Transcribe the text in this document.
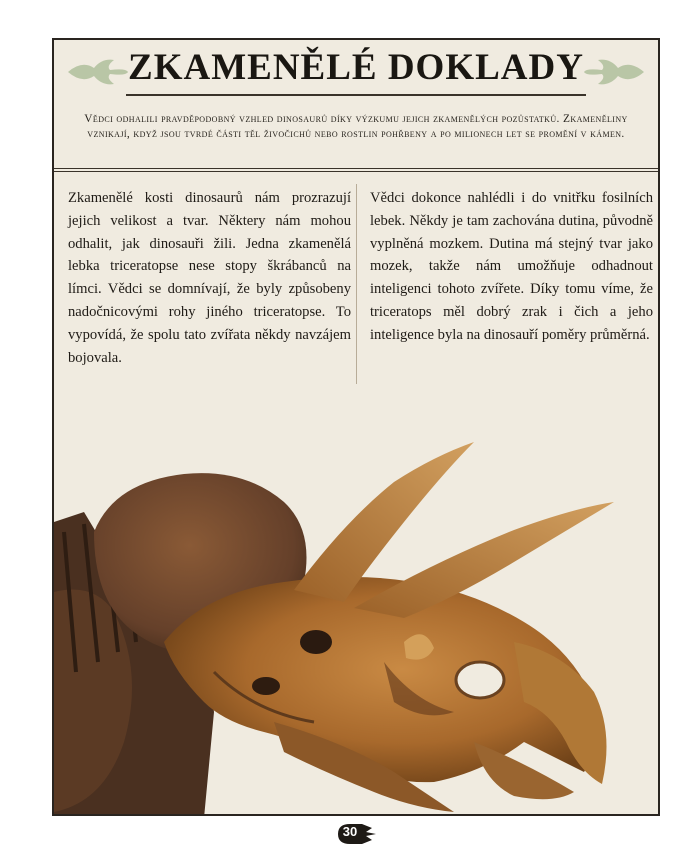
ZKAMENĚLÉ DOKLADY
Vědci odhalili pravděpodobný vzhled dinosaurů díky výzkumu jejich zkamenělých pozůstatků. Zkameněliny vznikají, když jsou tvrdé části těl živočichů nebo rostlin pohřbeny a po milionech let se promění v kámen.
Zkamenělé kosti dinosaurů nám prozrazují jejich velikost a tvar. Některy nám mohou odhalit, jak dinosauři žili. Jedna zkamenělá lebka triceratopse nese stopy škrábanců na límci. Vědci se domnívají, že byly způsobeny nadočnicovými rohy jiného triceratopse. To vypovídá, že spolu tato zvířata někdy navzájem bojovala.
Vědci dokonce nahlédli i do vnitřku fosilních lebek. Někdy je tam zachována dutina, původně vyplněná mozkem. Dutina má stejný tvar jako mozek, takže nám umožňuje odhadnout inteligenci tohoto zvířete. Díky tomu víme, že triceratops měl dobrý zrak i čich a jeho inteligence byla na dinosauří poměry průměrná.
30
